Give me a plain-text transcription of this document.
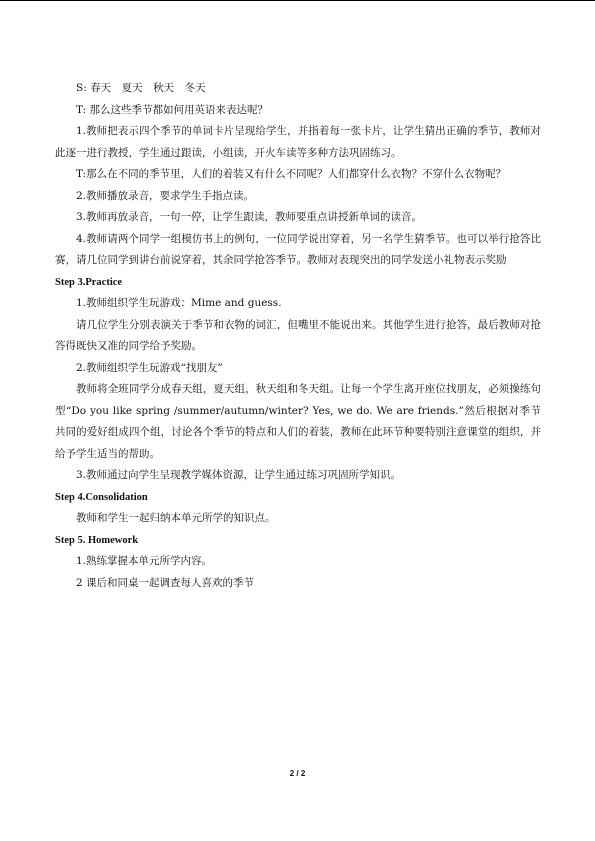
S: 春天　夏天　秋天　冬天

T: 那么这些季节都如何用英语来表达呢？

1.教师把表示四个季节的单词卡片呈现给学生，并指着每一张卡片，让学生猜出正确的季节，教师对此逐一进行教授，学生通过跟读，小组读，开火车读等多种方法巩固练习。

T:那么在不同的季节里，人们的着装又有什么不同呢？人们都穿什么衣物？不穿什么衣物呢？

2.教师播放录音，要求学生手指点读。

3.教师再放录音，一句一停，让学生跟读，教师要重点讲授新单词的读音。

4.教师请两个同学一组模仿书上的例句，一位同学说出穿着，另一名学生猜季节。也可以举行抢答比赛，请几位同学到讲台前说穿着，其余同学抢答季节。教师对表现突出的同学发送小礼物表示奖励

Step 3.Practice

1.教师组织学生玩游戏：Mime and guess.

请几位学生分别表演关于季节和衣物的词汇，但嘴里不能说出来。其他学生进行抢答，最后教师对抢答得既快又准的同学给予奖励。

2.教师组织学生玩游戏“找朋友”

教师将全班同学分成春天组，夏天组，秋天组和冬天组。让每一个学生离开座位找朋友，必须操练句型“Do you like spring /summer/autumn/winter? Yes, we do. We are friends.”然后根据对季节共同的爱好组成四个组，讨论各个季节的特点和人们的着装，教师在此环节种要特别注意课堂的组织，并给予学生适当的帮助。

3.教师通过向学生呈现教学媒体资源，让学生通过练习巩固所学知识。

Step 4.Consolidation

教师和学生一起归纳本单元所学的知识点。

Step 5. Homework

1.熟练掌握本单元所学内容。

2 课后和同桌一起调查每人喜欢的季节

2 / 2
